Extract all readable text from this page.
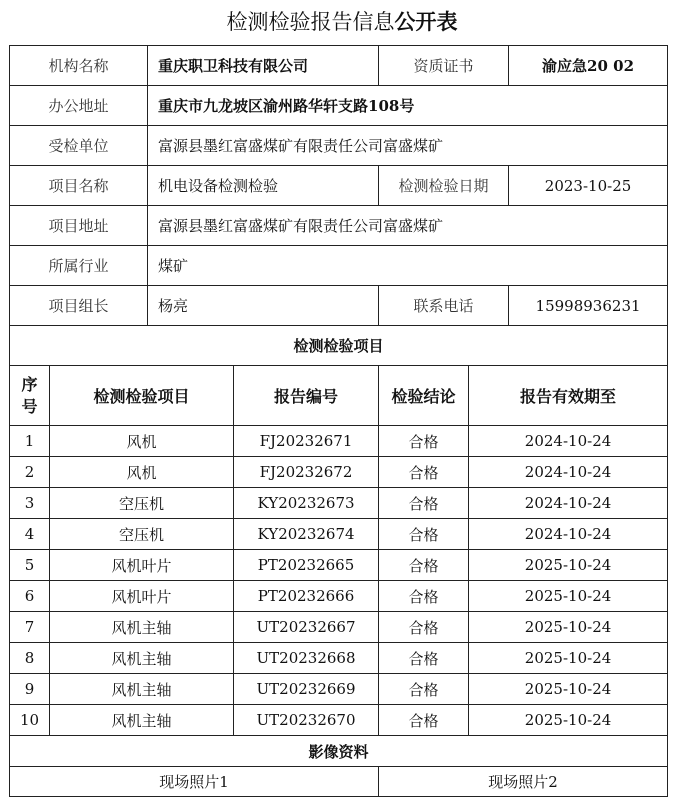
检测检验报告信息公开表
机构名称		重庆职卫科技有限公司		资质证书		渝应急20 02
办公地址		重庆市九龙坡区渝州路华轩支路108号				
受检单位		富源县墨红富盛煤矿有限责任公司富盛煤矿				
项目名称		机电设备检测检验		检测检验日期		2023-10-25
项目地址		富源县墨红富盛煤矿有限责任公司富盛煤矿				
所属行业		煤矿				
项目组长		杨亮		联系电话		15998936231
检测检验项目						
序号	检测检验项目		报告编号	检验结论	报告有效期至	
1	风机		FJ20232671	合格	2024-10-24	
2	风机		FJ20232672	合格	2024-10-24	
3	空压机		KY20232673	合格	2024-10-24	
4	空压机		KY20232674	合格	2024-10-24	
5	风机叶片		PT20232665	合格	2025-10-24	
6	风机叶片		PT20232666	合格	2025-10-24	
7	风机主轴		UT20232667	合格	2025-10-24	
8	风机主轴		UT20232668	合格	2025-10-24	
9	风机主轴		UT20232669	合格	2025-10-24	
10	风机主轴		UT20232670	合格	2025-10-24	
影像资料						
现场照片1				现场照片2		
